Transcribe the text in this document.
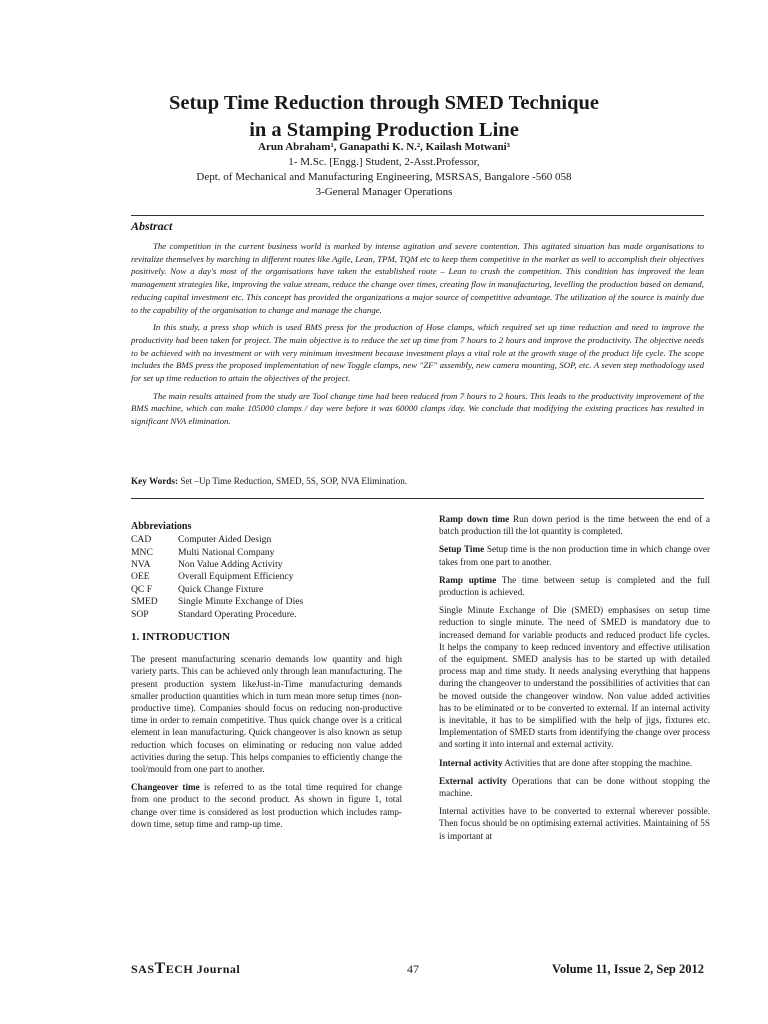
Setup Time Reduction through SMED Technique
in a Stamping Production Line
Arun Abraham¹, Ganapathi K. N.², Kailash Motwani³
1- M.Sc. [Engg.] Student, 2-Asst.Professor,
Dept. of Mechanical and Manufacturing Engineering, MSRSAS, Bangalore -560 058
3-General Manager Operations
Abstract

The competition in the current business world is marked by intense agitation and severe contention. This agitated situation has made organisations to revitalize themselves by marching in different routes like Agile, Lean, TPM, TQM etc to keep them competitive in the market as well to accomplish their objectives positively. Now a day's most of the organisations have taken the established route – Lean to crush the competition. This condition has improved the lean management strategies like, improving the value stream, reduce the change over times, creating flow in manufacturing, levelling the production based on demand, reducing capital investment etc. This concept has provided the organizations a major source of competitive advantage. The utilization of the source is mainly due to the capability of the organisation to change and manage the change.

In this study, a press shop which is used BMS press for the production of Hose clamps, which required set up time reduction and need to improve the productivity had been taken for project. The main objective is to reduce the set up time from 7 hours to 2 hours and improve the productivity. The objective needs to be achieved with no investment or with very minimum investment because investment plays a vital role at the growth stage of the product life cycle. The scope includes the BMS press the proposed implementation of new Toggle clamps, new "ZF" assembly, new camera mounting, SOP, etc. A seven step methodology used for set up time reduction to attain the objectives of the project.

The main results attained from the study are Tool change time had been reduced from 7 hours to 2 hours. This leads to the productivity improvement of the BMS machine, which can make 105000 clamps / day were before it was 60000 clamps /day. We conclude that modifying the existing practices has resulted in significant NVA elimination.

Key Words: Set –Up Time Reduction, SMED, 5S, SOP, NVA Elimination.
Abbreviations
CAD	Computer Aided Design
MNC	Multi National Company
NVA	Non Value Adding Activity
OEE	Overall Equipment Efficiency
QC F	Quick Change Fixture
SMED	Single Minute Exchange of Dies
SOP	Standard Operating Procedure.
1. INTRODUCTION

The present manufacturing scenario demands low quantity and high variety parts. This can be achieved only through lean manufacturing. The present production system likeJust-in-Time manufacturing demands smaller production quantities which in turn mean more setup times (non-productive time). Companies should focus on reducing non-productive time in order to remain competitive. Thus quick change over is a critical element in lean manufacturing. Quick changeover is also known as setup reduction which focuses on eliminating or reducing non value added activities during the setup. This helps companies to efficiently change the tool/mould from one part to another.

Changeover time is referred to as the total time required for change from one product to the second product. As shown in figure 1, total change over time is considered as lost production which includes ramp-down time, setup time and ramp-up time.

Ramp down time Run down period is the time between the end of a batch production till the lot quantity is completed.

Setup Time Setup time is the non production time in which change over takes from one part to another.

Ramp uptime The time between setup is completed and the full production is achieved.

Single Minute Exchange of Die (SMED) emphasises on setup time reduction to single minute. The need of SMED is mandatory due to increased demand for variable products and reduced product life cycles. It helps the company to keep reduced inventory and effective utilisation of the equipment. SMED analysis has to be started up with detailed process map and time study. It needs analysing everything that happens during the changeover to understand the possibilities of activities that can be moved outside the changeover window. Non value added activities has to be eliminated or to be converted to external. If an internal activity is inevitable, it has to be simplified with the help of jigs, fixtures etc. Implementation of SMED starts from identifying the change over process and sorting it into internal and external activity.

Internal activity Activities that are done after stopping the machine.

External activity Operations that can be done without stopping the machine.

Internal activities have to be converted to external wherever possible. Then focus should be on optimising external activities. Maintaining of 5S is important at

SASTECH Journal	47	Volume 11, Issue 2, Sep 2012
